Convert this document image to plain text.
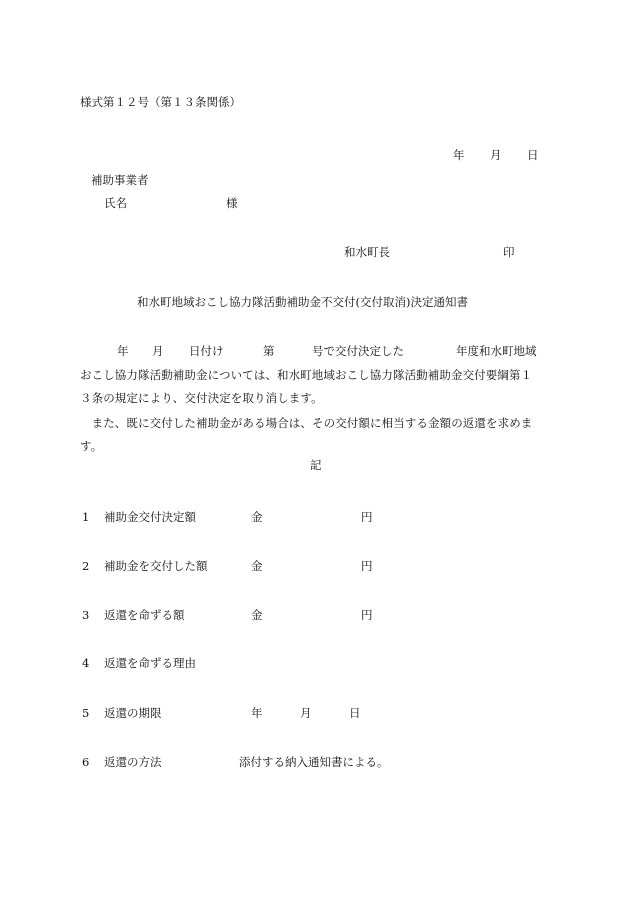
様式第１２号（第１３条関係）
年 月 日
補助事業者
氏名	様
和水町長	印
和水町地域おこし協力隊活動補助金不交付(交付取消)決定通知書
年 月 日付け	第	号で交付決定した	年度和水町地域
おこし協力隊活動補助金については、和水町地域おこし協力隊活動補助金交付要綱第１
３条の規定により、交付決定を取り消します。
　また、既に交付した補助金がある場合は、その交付額に相当する金額の返還を求めま
す。
記
1 補助金交付決定額	金	円
2 補助金を交付した額	金	円
3 返還を命ずる額	金	円
4 返還を命ずる理由
5 返還の期限	年	月	日
6 返還の方法	添付する納入通知書による。
